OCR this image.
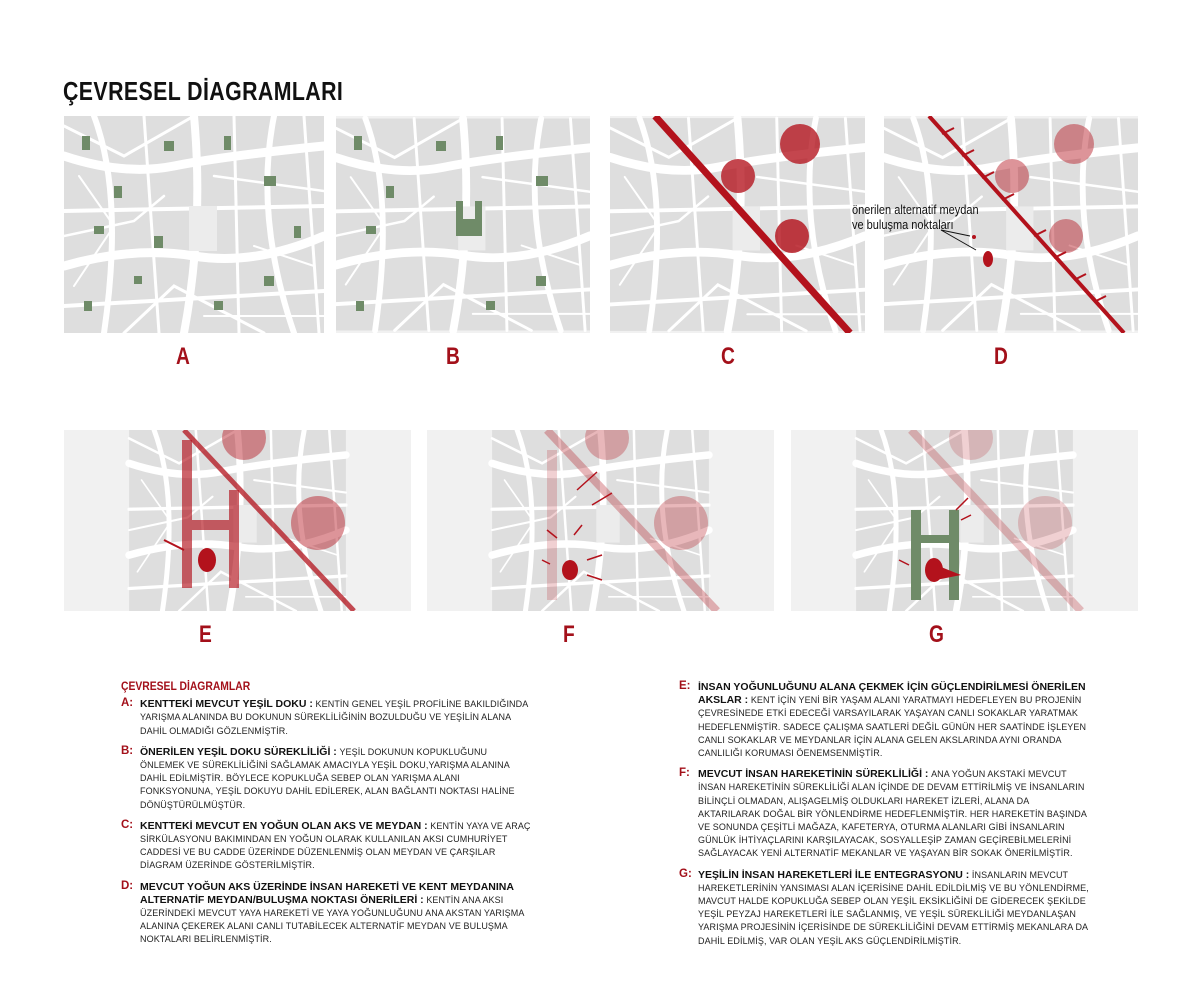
ÇEVRESEL DİAGRAMLARI
A	B	C	D
E	F	G
önerilen alternatif meydan
ve buluşma noktaları
ÇEVRESEL DİAGRAMLAR
A: KENTTEKİ MEVCUT YEŞİL DOKU : KENTİN GENEL YEŞİL PROFİLİNE BAKILDIĞINDA YARIŞMA ALANINDA BU DOKUNUN SÜREKLİLİĞİNİN BOZULDUĞU VE YEŞİLİN ALANA DAHİL OLMADIĞI GÖZLENMİŞTİR.
B: ÖNERİLEN YEŞİL DOKU SÜREKLİLİĞİ : YEŞİL DOKUNUN KOPUKLUĞUNU ÖNLEMEK VE SÜREKLİLİĞİNİ SAĞLAMAK AMACIYLA YEŞİL DOKU,YARIŞMA ALANINA DAHİL EDİLMİŞTİR. BÖYLECE KOPUKLUĞA SEBEP OLAN YARIŞMA ALANI FONKSYONUNA, YEŞİL DOKUYU DAHİL EDİLEREK, ALAN BAĞLANTI NOKTASI HALİNE DÖNÜŞTÜRÜLMÜŞTÜR.
C: KENTTEKİ MEVCUT EN YOĞUN OLAN AKS VE MEYDAN : KENTİN YAYA VE ARAÇ SİRKÜLASYONU BAKIMINDAN EN YOĞUN OLARAK KULLANILAN AKSI CUMHURİYET CADDESİ VE BU CADDE ÜZERİNDE DÜZENLENMİŞ OLAN MEYDAN VE ÇARŞILAR DİAGRAM ÜZERİNDE GÖSTERİLMİŞTİR.
D: MEVCUT YOĞUN AKS ÜZERİNDE İNSAN HAREKETİ VE KENT MEYDANINA ALTERNATİF MEYDAN/BULUŞMA NOKTASI ÖNERİLERİ : KENTİN ANA AKSI ÜZERİNDEKİ MEVCUT YAYA HAREKETİ VE YAYA YOĞUNLUĞUNU ANA AKSTAN YARIŞMA ALANINA ÇEKEREK ALANI CANLI TUTABİLECEK ALTERNATİF MEYDAN VE BULUŞMA NOKTALARI BELİRLENMİŞTİR.
E: İNSAN YOĞUNLUĞUNU ALANA ÇEKMEK İÇİN GÜÇLENDİRİLMESİ ÖNERİLEN AKSLAR : KENT İÇİN YENİ BİR YAŞAM ALANI YARATMAYI HEDEFLEYEN BU PROJENİN ÇEVRESİNEDE ETKİ EDECEĞİ VARSAYILARAK YAŞAYAN CANLI SOKAKLAR YARATMAK HEDEFLENMİŞTİR. SADECE ÇALIŞMA SAATLERİ DEĞİL GÜNÜN HER SAATİNDE İŞLEYEN CANLI SOKAKLAR VE MEYDANLAR İÇİN ALANA GELEN AKSLARINDA AYNI ORANDA CANLILIĞI KORUMASI ÖENEMSENMİŞTİR.
F: MEVCUT İNSAN HAREKETİNİN SÜREKLİLİĞİ : ANA YOĞUN AKSTAKİ MEVCUT İNSAN HAREKETİNİN SÜREKLİLİĞİ ALAN İÇİNDE DE DEVAM ETTİRİLMİŞ VE İNSANLARIN BİLİNÇLİ OLMADAN, ALIŞAGELMİŞ OLDUKLARI HAREKET İZLERİ, ALANA DA AKTARILARAK DOĞAL BİR YÖNLENDİRME HEDEFLENMİŞTİR. HER HAREKETİN BAŞINDA VE SONUNDA ÇEŞİTLİ MAĞAZA, KAFETERYA, OTURMA ALANLARI GİBİ İNSANLARIN GÜNLÜK İHTİYAÇLARINI KARŞILAYACAK, SOSYALLEŞİP ZAMAN GEÇİREBİLMELERİNİ SAĞLAYACAK YENİ ALTERNATİF MEKANLAR VE YAŞAYAN BİR SOKAK ÖNERİLMİŞTİR.
G: YEŞİLİN İNSAN HAREKETLERİ İLE ENTEGRASYONU : İNSANLARIN MEVCUT HAREKETLERİNİN YANSIMASI ALAN İÇERİSİNE DAHİL EDİLDİLMİŞ VE BU YÖNLENDİRME, MAVCUT HALDE KOPUKLUĞA SEBEP OLAN YEŞİL EKSİKLİĞİNİ DE GİDERECEK ŞEKİLDE YEŞİL PEYZAJ HAREKETLERİ İLE SAĞLANMIŞ, VE YEŞİL SÜREKLİLİĞİ MEYDANLAŞAN YARIŞMA PROJESİNİN İÇERİSİNDE DE SÜREKLİLİĞİNİ DEVAM ETTİRMİŞ MEKANLARA DA DAHİL EDİLMİŞ, VAR OLAN YEŞİL AKS GÜÇLENDİRİLMİŞTİR.
